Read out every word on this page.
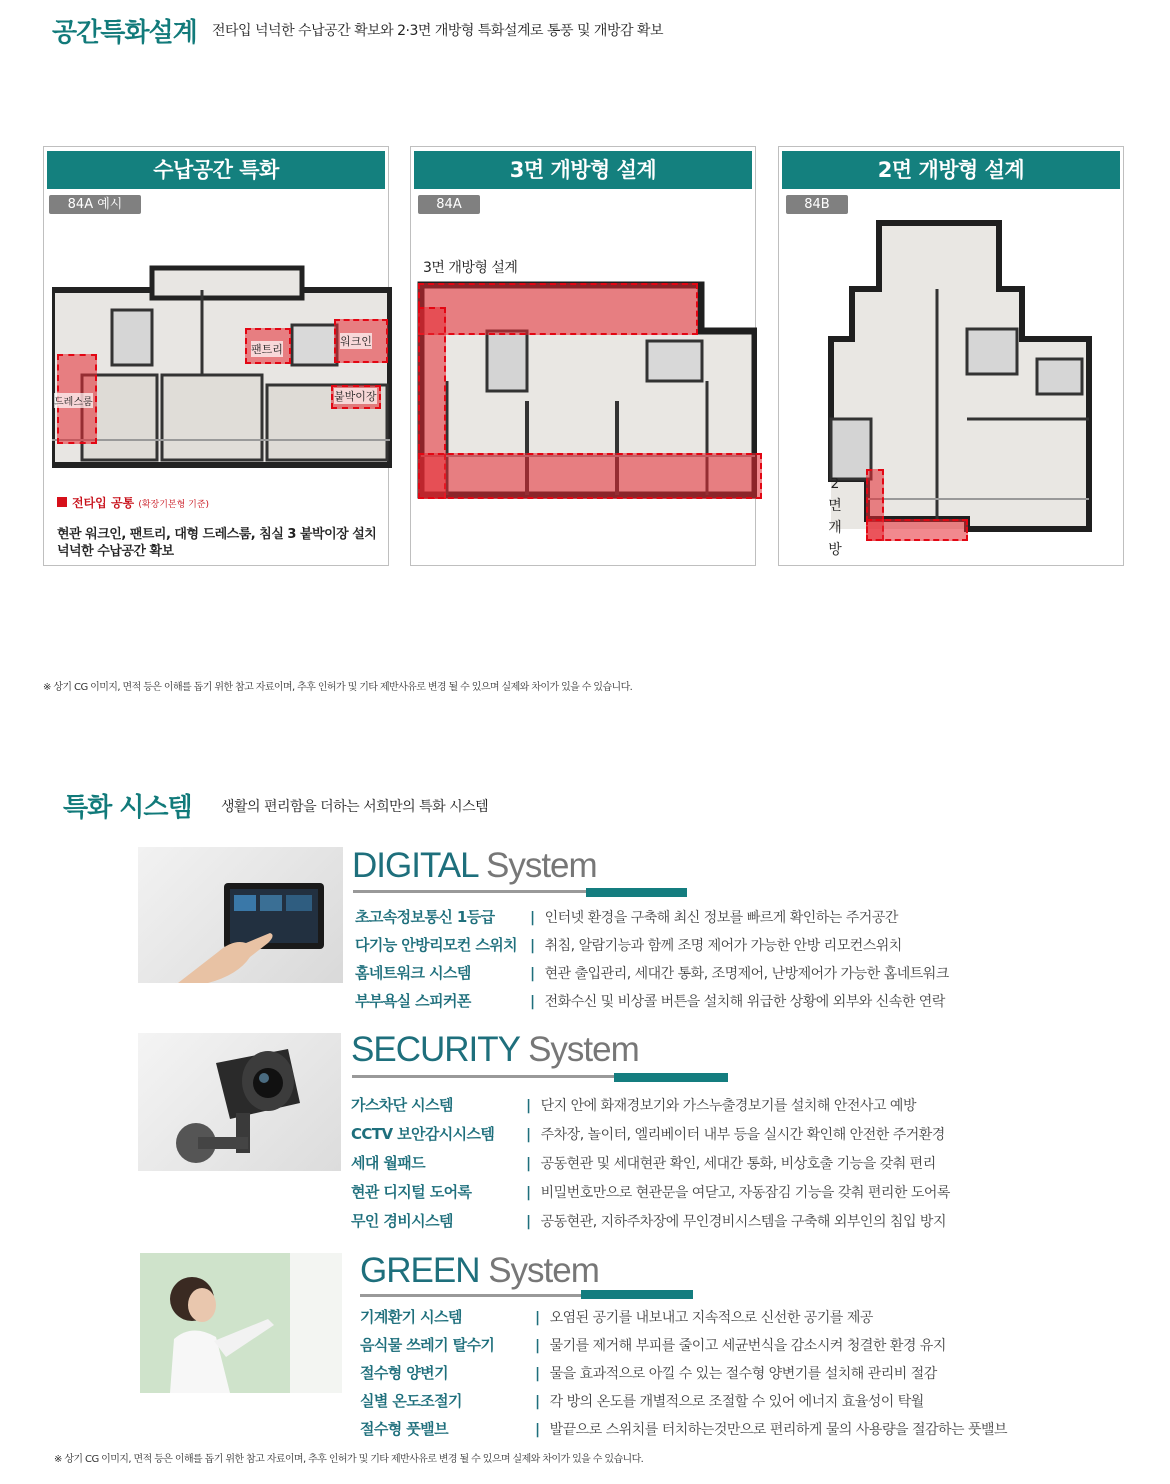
공간특화설계 전타입 넉넉한 수납공간 확보와 2·3면 개방형 특화설계로 통풍 및 개방감 확보
수납공간 특화
84A 예시
팬트리
워크인
드레스룸	붙박이장
전타입 공통 (확장기본형 기준)
현관 워크인, 팬트리, 대형 드레스룸, 침실 3 붙박이장 설치
넉넉한 수납공간 확보
3면 개방형 설계
84A
3면 개방형 설계
2면 개방형 설계
84B
2
면
개
방
※ 상기 CG 이미지, 면적 등은 이해를 돕기 위한 참고 자료이며, 추후 인허가 및 기타 제반사유로 변경 될 수 있으며 실제와 차이가 있을 수 있습니다.
특화 시스템 생활의 편리함을 더하는 서희만의 특화 시스템
DIGITAL System
초고속정보통신 1등급	| 인터넷 환경을 구축해 최신 정보를 빠르게 확인하는 주거공간
다기능 안방리모컨 스위치	| 취침, 알람기능과 함께 조명 제어가 가능한 안방 리모컨스위치
홈네트워크 시스템	| 현관 출입관리, 세대간 통화, 조명제어, 난방제어가 가능한 홈네트워크
부부욕실 스피커폰	| 전화수신 및 비상콜 버튼을 설치해 위급한 상황에 외부와 신속한 연락
SECURITY System
가스차단 시스템	| 단지 안에 화재경보기와 가스누출경보기를 설치해 안전사고 예방
CCTV 보안감시시스템	| 주차장, 놀이터, 엘리베이터 내부 등을 실시간 확인해 안전한 주거환경
세대 월패드	| 공동현관 및 세대현관 확인, 세대간 통화, 비상호출 기능을 갖춰 편리
현관 디지털 도어록	| 비밀번호만으로 현관문을 여닫고, 자동잠김 기능을 갖춰 편리한 도어록
무인 경비시스템	| 공동현관, 지하주차장에 무인경비시스템을 구축해 외부인의 침입 방지
GREEN System
기계환기 시스템	| 오염된 공기를 내보내고 지속적으로 신선한 공기를 제공
음식물 쓰레기 탈수기	| 물기를 제거해 부피를 줄이고 세균번식을 감소시켜 청결한 환경 유지
절수형 양변기	| 물을 효과적으로 아낄 수 있는 절수형 양변기를 설치해 관리비 절감
실별 온도조절기	| 각 방의 온도를 개별적으로 조절할 수 있어 에너지 효율성이 탁월
절수형 풋밸브	| 발끝으로 스위치를 터치하는것만으로 편리하게 물의 사용량을 절감하는 풋밸브
※ 상기 CG 이미지, 면적 등은 이해를 돕기 위한 참고 자료이며, 추후 인허가 및 기타 제반사유로 변경 될 수 있으며 실제와 차이가 있을 수 있습니다.
